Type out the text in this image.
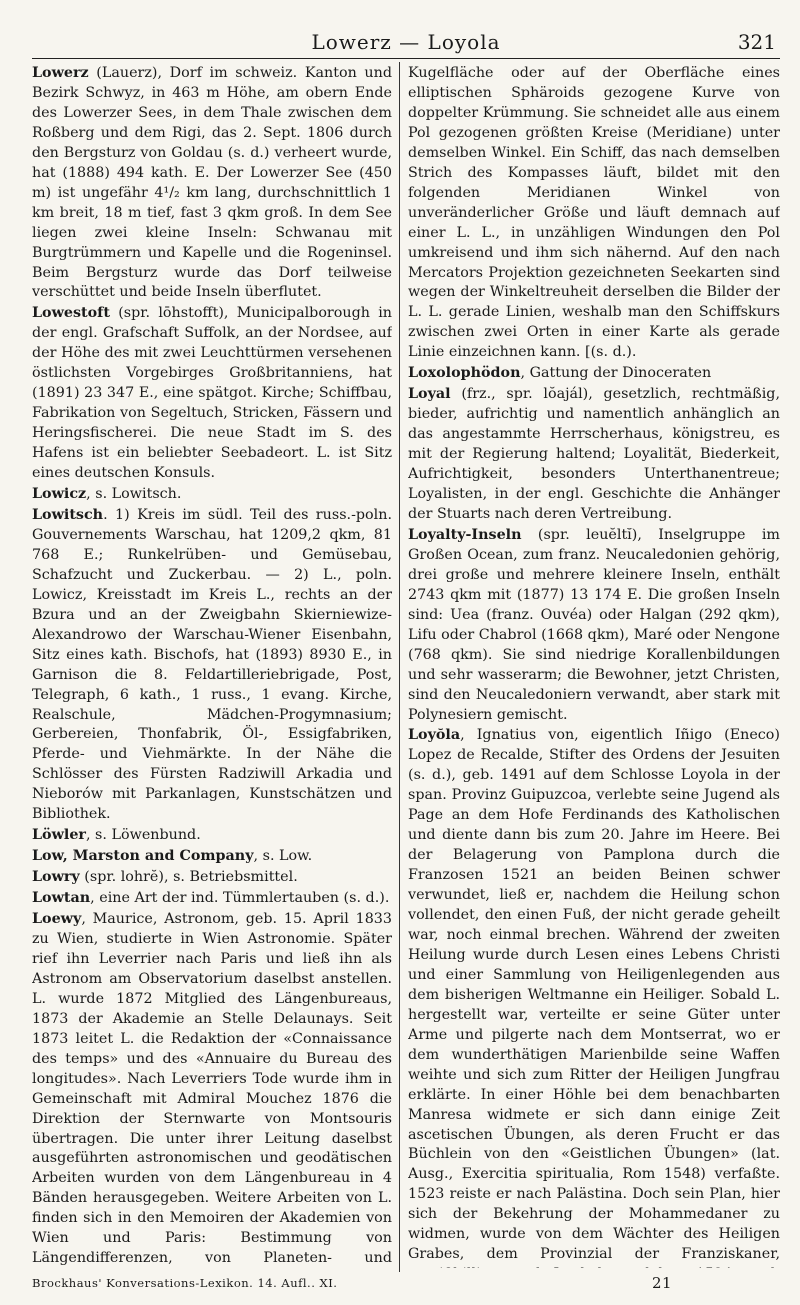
Lowerz — Loyola	321

Lowerz (Lauerz), Dorf im schweiz. Kanton und Bezirk Schwyz, in 463 m Höhe, am obern Ende des Lowerzer Sees, in dem Thale zwischen dem Roßberg und dem Rigi, das 2. Sept. 1806 durch den Bergsturz von Goldau (s. d.) verheert wurde, hat (1888) 494 kath. E. Der Lowerzer See (450 m) ist ungefähr 4¹/₂ km lang, durchschnittlich 1 km breit, 18 m tief, fast 3 qkm groß. In dem See liegen zwei kleine Inseln: Schwanau mit Burgtrümmern und Kapelle und die Rogeninsel. Beim Bergsturz wurde das Dorf teilweise verschüttet und beide Inseln überflutet.

Lowestoft (spr. lōhstofft), Municipalborough in der engl. Grafschaft Suffolk, an der Nordsee, auf der Höhe des mit zwei Leuchttürmen versehenen östlichsten Vorgebirges Großbritanniens, hat (1891) 23 347 E., eine spätgot. Kirche; Schiffbau, Fabrikation von Segeltuch, Stricken, Fässern und Heringsfischerei. Die neue Stadt im S. des Hafens ist ein beliebter Seebadeort. L. ist Sitz eines deutschen Konsuls.

Lowicz, s. Lowitsch.

Lowitsch. 1) Kreis im südl. Teil des russ.-poln. Gouvernements Warschau, hat 1209,2 qkm, 81 768 E.; Runkelrüben- und Gemüsebau, Schafzucht und Zuckerbau. — 2) L., poln. Lowicz, Kreisstadt im Kreis L., rechts an der Bzura und an der Zweigbahn Skierniewize-Alexandrowo der Warschau-Wiener Eisenbahn, Sitz eines kath. Bischofs, hat (1893) 8930 E., in Garnison die 8. Feldartilleriebrigade, Post, Telegraph, 6 kath., 1 russ., 1 evang. Kirche, Realschule, Mädchen-Progymnasium; Gerbereien, Thonfabrik, Öl-, Essigfabriken, Pferde- und Viehmärkte. In der Nähe die Schlösser des Fürsten Radziwill Arkadia und Nieborów mit Parkanlagen, Kunstschätzen und Bibliothek.

Löwler, s. Löwenbund.

Low, Marston and Company, s. Low.

Lowry (spr. lohrĕ), s. Betriebsmittel.

Lowtan, eine Art der ind. Tümmlertauben (s. d.).

Loewy, Maurice, Astronom, geb. 15. April 1833 zu Wien, studierte in Wien Astronomie. Später rief ihn Leverrier nach Paris und ließ ihn als Astronom am Observatorium daselbst anstellen. L. wurde 1872 Mitglied des Längenbureaus, 1873 der Akademie an Stelle Delaunays. Seit 1873 leitet L. die Redaktion der «Connaissance des temps» und des «Annuaire du Bureau des longitudes». Nach Leverriers Tode wurde ihm in Gemeinschaft mit Admiral Mouchez 1876 die Direktion der Sternwarte von Montsouris übertragen. Die unter ihrer Leitung daselbst ausgeführten astronomischen und geodätischen Arbeiten wurden von dem Längenbureau in 4 Bänden herausgegeben. Weitere Arbeiten von L. finden sich in den Memoiren der Akademien von Wien und Paris: Bestimmung von Längendifferenzen, von Planeten- und

Kugelfläche oder auf der Oberfläche eines elliptischen Sphäroids gezogene Kurve von doppelter Krümmung. Sie schneidet alle aus einem Pol gezogenen größten Kreise (Meridiane) unter demselben Winkel. Ein Schiff, das nach demselben Strich des Kompasses läuft, bildet mit den folgenden Meridianen Winkel von unveränderlicher Größe und läuft demnach auf einer L. L., in unzähligen Windungen den Pol umkreisend und ihm sich nähernd. Auf den nach Mercators Projektion gezeichneten Seekarten sind wegen der Winkeltreuheit derselben die Bilder der L. L. gerade Linien, weshalb man den Schiffskurs zwischen zwei Orten in einer Karte als gerade Linie einzeichnen kann. [(s. d.).

Loxolophödon, Gattung der Dinoceraten

Loyal (frz., spr. lŏajál), gesetzlich, rechtmäßig, bieder, aufrichtig und namentlich anhänglich an das angestammte Herrscherhaus, königstreu, es mit der Regierung haltend; Loyalität, Biederkeit, Aufrichtigkeit, besonders Unterthanentreue; Loyalisten, in der engl. Geschichte die Anhänger der Stuarts nach deren Vertreibung.

Loyalty-Inseln (spr. leuĕltĭ), Inselgruppe im Großen Ocean, zum franz. Neucaledonien gehörig, drei große und mehrere kleinere Inseln, enthält 2743 qkm mit (1877) 13 174 E. Die großen Inseln sind: Uea (franz. Ouvéa) oder Halgan (292 qkm), Lifu oder Chabrol (1668 qkm), Maré oder Nengone (768 qkm). Sie sind niedrige Korallenbildungen und sehr wasserarm; die Bewohner, jetzt Christen, sind den Neucaledoniern verwandt, aber stark mit Polynesiern gemischt.

Loyŏla, Ignatius von, eigentlich Iñigo (Eneco) Lopez de Recalde, Stifter des Ordens der Jesuiten (s. d.), geb. 1491 auf dem Schlosse Loyola in der span. Provinz Guipuzcoa, verlebte seine Jugend als Page an dem Hofe Ferdinands des Katholischen und diente dann bis zum 20. Jahre im Heere. Bei der Belagerung von Pamplona durch die Franzosen 1521 an beiden Beinen schwer verwundet, ließ er, nachdem die Heilung schon vollendet, den einen Fuß, der nicht gerade geheilt war, noch einmal brechen. Während der zweiten Heilung wurde durch Lesen eines Lebens Christi und einer Sammlung von Heiligenlegenden aus dem bisherigen Weltmanne ein Heiliger. Sobald L. hergestellt war, verteilte er seine Güter unter Arme und pilgerte nach dem Montserrat, wo er dem wunderthätigen Marienbilde seine Waffen weihte und sich zum Ritter der Heiligen Jungfrau erklärte. In einer Höhle bei dem benachbarten Manresa widmete er sich dann einige Zeit ascetischen Übungen, als deren Frucht er das Büchlein von den «Geistlichen Übungen» (lat. Ausg., Exercitia spiritualia, Rom 1548) verfaßte. 1523 reiste er nach Palästina. Doch sein Plan, hier sich der Bekehrung der Mohammedaner zu widmen, wurde von dem Wächter des Heiligen Grabes, dem Provinzial der Franziskaner,

Brockhaus' Konversations-Lexikon. 14. Aufl.. XI.	21
